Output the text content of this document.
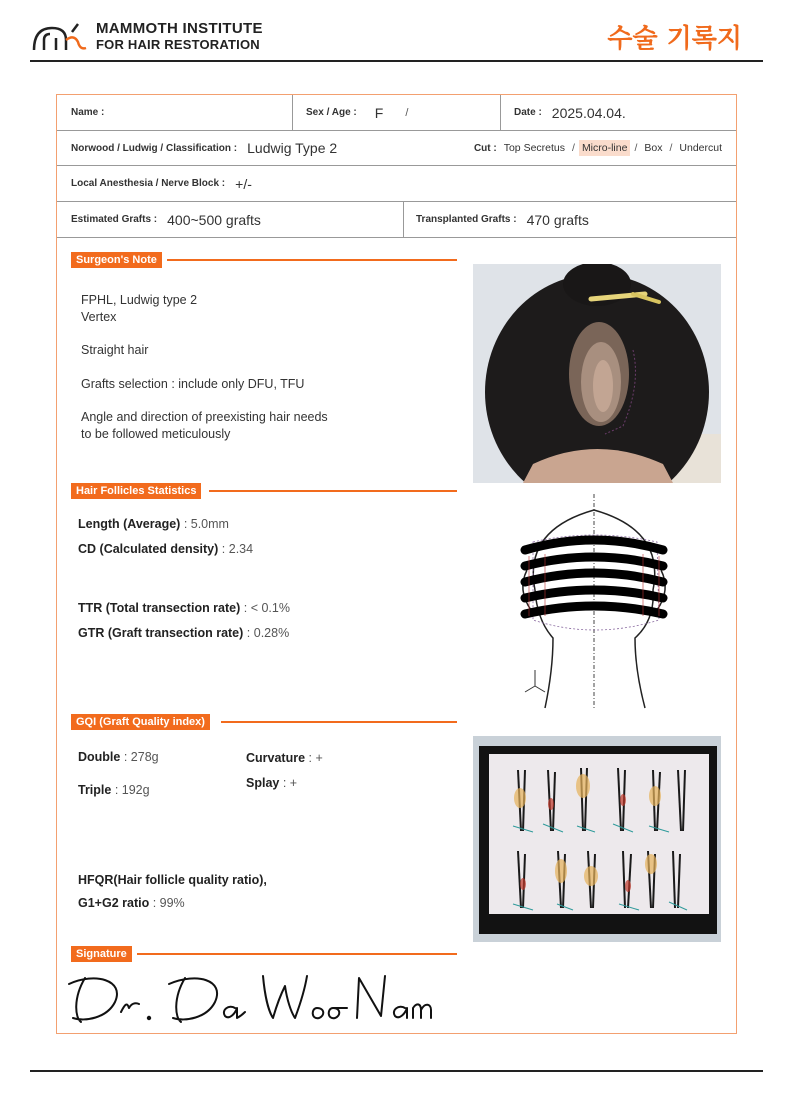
MAMMOTH INSTITUTE
FOR HAIR RESTORATION	수술 기록지
Name :	Sex / Age : F /	Date : 2025.04.04.
Norwood / Ludwig / Classification : Ludwig Type 2	Cut : Top Secretus / Micro-line / Box / Undercut
Local Anesthesia / Nerve Block : +/-
Estimated Grafts : 400~500 grafts	Transplanted Grafts : 470 grafts
Surgeon's Note
FPHL, Ludwig type 2
Vertex
Straight hair
Grafts selection : include only DFU, TFU
Angle and direction of preexisting hair needs
to be followed meticulously
Hair Follicles Statistics
Length (Average) : 5.0mm
CD (Calculated density) : 2.34
TTR (Total transection rate) : < 0.1%
GTR (Graft transection rate) : 0.28%
GQI (Graft Quality index)
Double : 278g
Triple : 192g
Curvature : +
Splay : +
HFQR(Hair follicle quality ratio),
G1+G2 ratio : 99%
Signature
